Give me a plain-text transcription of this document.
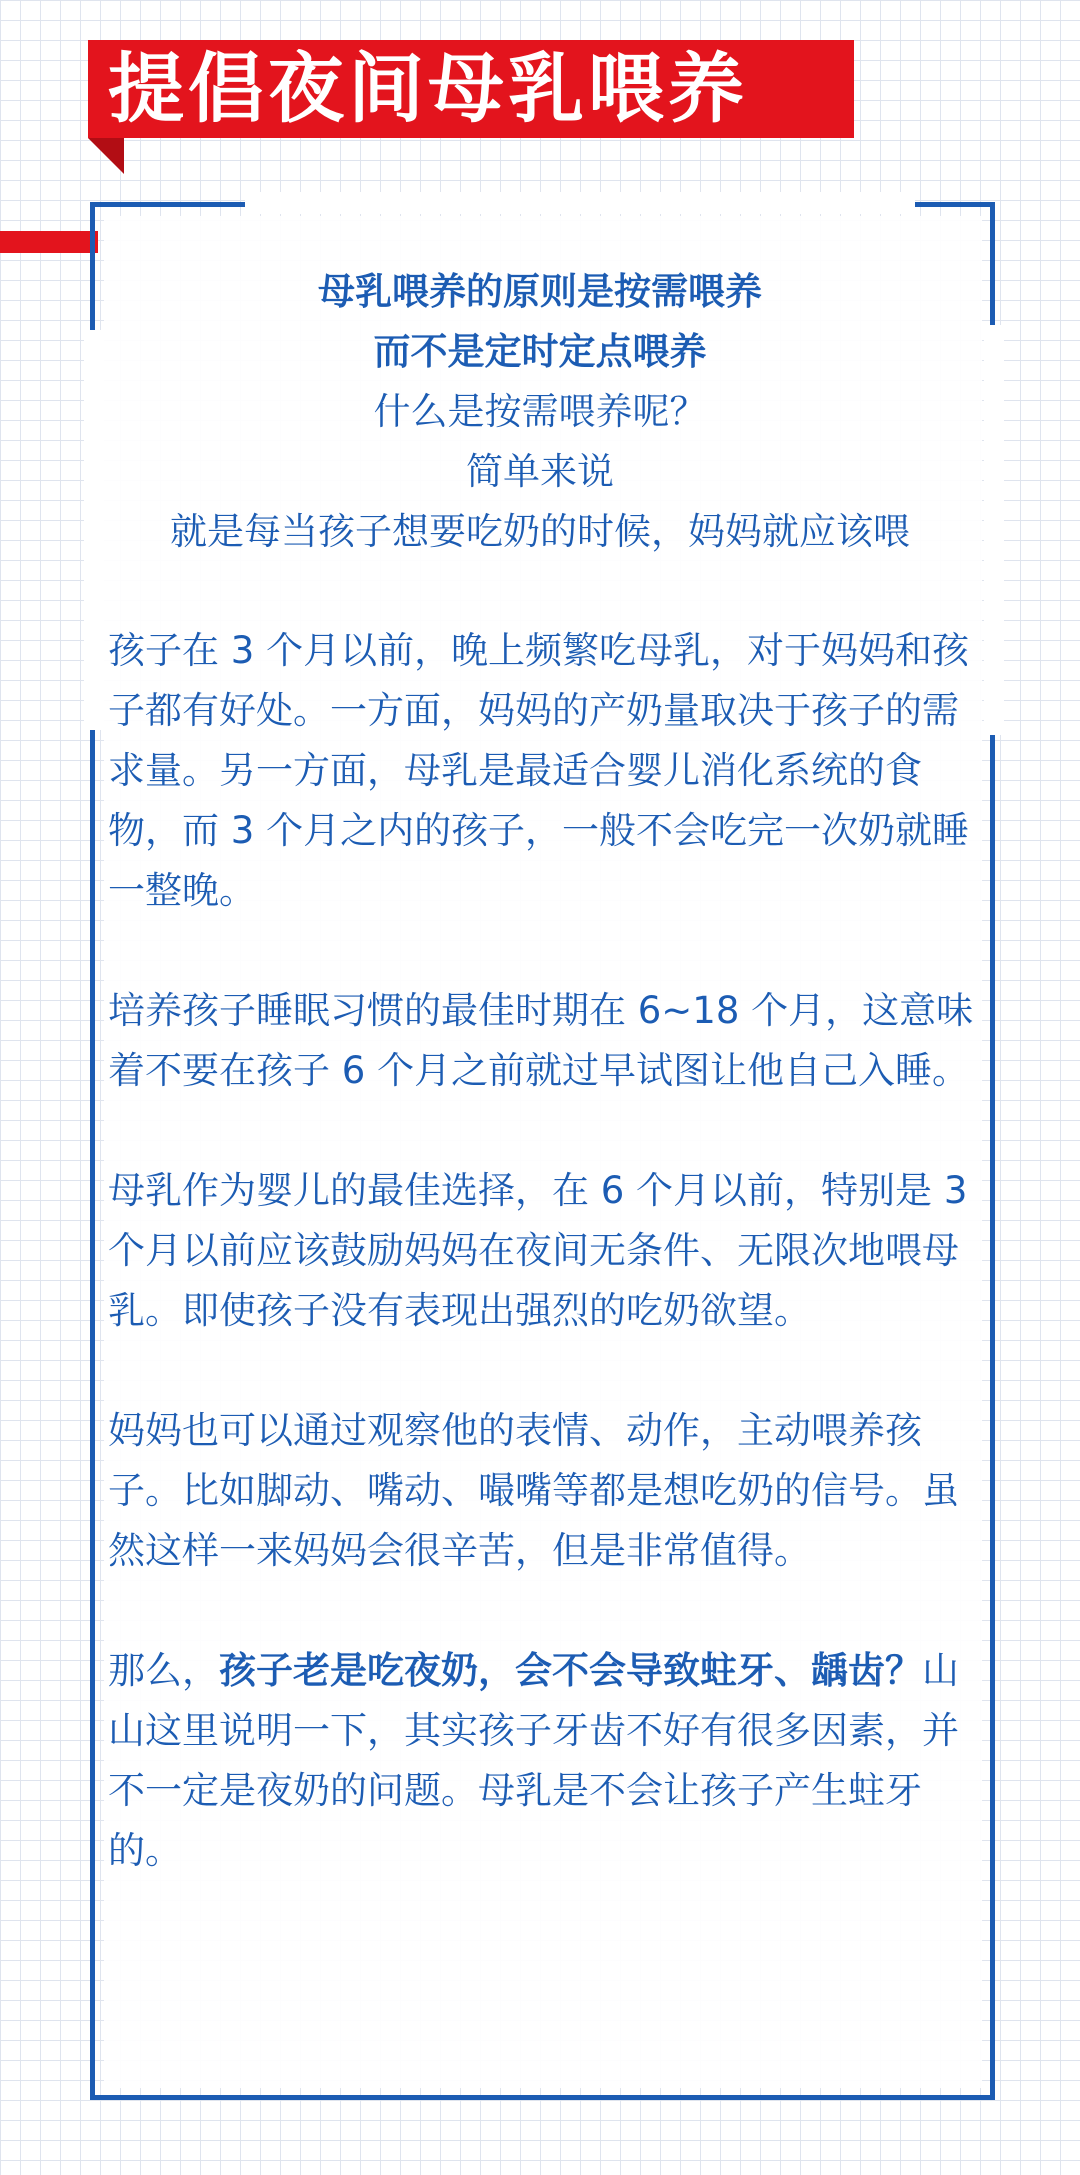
提倡夜间母乳喂养
母乳喂养的原则是按需喂养
而不是定时定点喂养
什么是按需喂养呢？
简单来说
就是每当孩子想要吃奶的时候，妈妈就应该喂

孩子在 3 个月以前，晚上频繁吃母乳，对于妈妈和孩子都有好处。一方面，妈妈的产奶量取决于孩子的需求量。另一方面，母乳是最适合婴儿消化系统的食物，而 3 个月之内的孩子，一般不会吃完一次奶就睡一整晚。

培养孩子睡眠习惯的最佳时期在 6~18 个月，这意味着不要在孩子 6 个月之前就过早试图让他自己入睡。

母乳作为婴儿的最佳选择，在 6 个月以前，特别是 3 个月以前应该鼓励妈妈在夜间无条件、无限次地喂母乳。即使孩子没有表现出强烈的吃奶欲望。

妈妈也可以通过观察他的表情、动作，主动喂养孩子。比如脚动、嘴动、嘬嘴等都是想吃奶的信号。虽然这样一来妈妈会很辛苦，但是非常值得。

那么，孩子老是吃夜奶，会不会导致蛀牙、龋齿？山山这里说明一下，其实孩子牙齿不好有很多因素，并不一定是夜奶的问题。母乳是不会让孩子产生蛀牙的。
